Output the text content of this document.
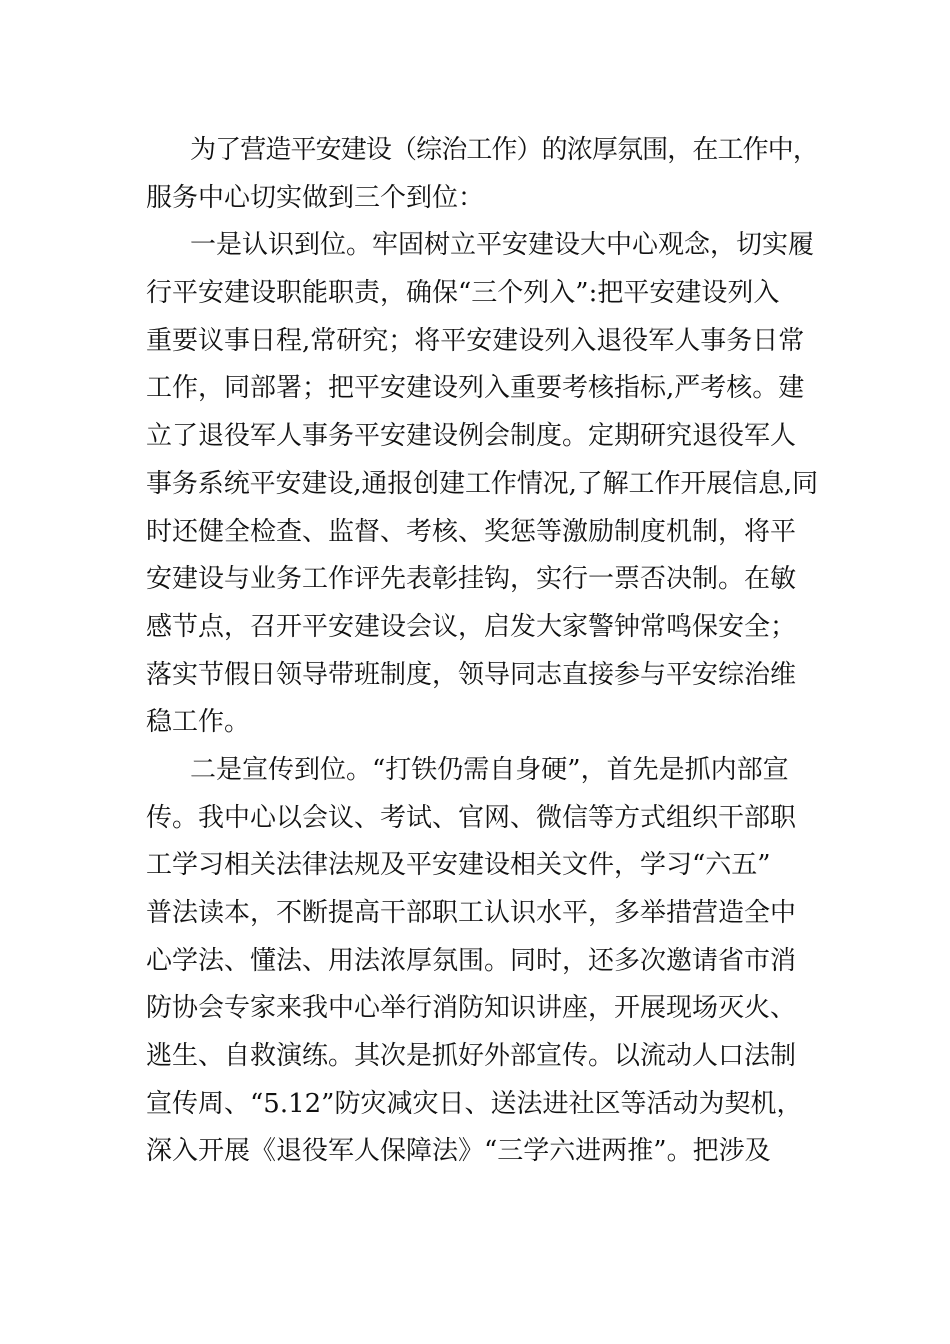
为了营造平安建设（综治工作）的浓厚氛围，在工作中，
服务中心切实做到三个到位：
一是认识到位。牢固树立平安建设大中心观念，切实履
行平安建设职能职责，确保“三个列入”:把平安建设列入
重要议事日程,常研究；将平安建设列入退役军人事务日常
工作，同部署；把平安建设列入重要考核指标,严考核。建
立了退役军人事务平安建设例会制度。定期研究退役军人
事务系统平安建设,通报创建工作情况,了解工作开展信息,同
时还健全检查、监督、考核、奖惩等激励制度机制，将平
安建设与业务工作评先表彰挂钩，实行一票否决制。在敏
感节点，召开平安建设会议，启发大家警钟常鸣保安全；
落实节假日领导带班制度，领导同志直接参与平安综治维
稳工作。
二是宣传到位。“打铁仍需自身硬”，首先是抓内部宣
传。我中心以会议、考试、官网、微信等方式组织干部职
工学习相关法律法规及平安建设相关文件，学习“六五”
普法读本，不断提高干部职工认识水平，多举措营造全中
心学法、懂法、用法浓厚氛围。同时，还多次邀请省市消
防协会专家来我中心举行消防知识讲座，开展现场灭火、
逃生、自救演练。其次是抓好外部宣传。以流动人口法制
宣传周、“5.12”防灾减灾日、送法进社区等活动为契机，
深入开展《退役军人保障法》“三学六进两推”。把涉及
